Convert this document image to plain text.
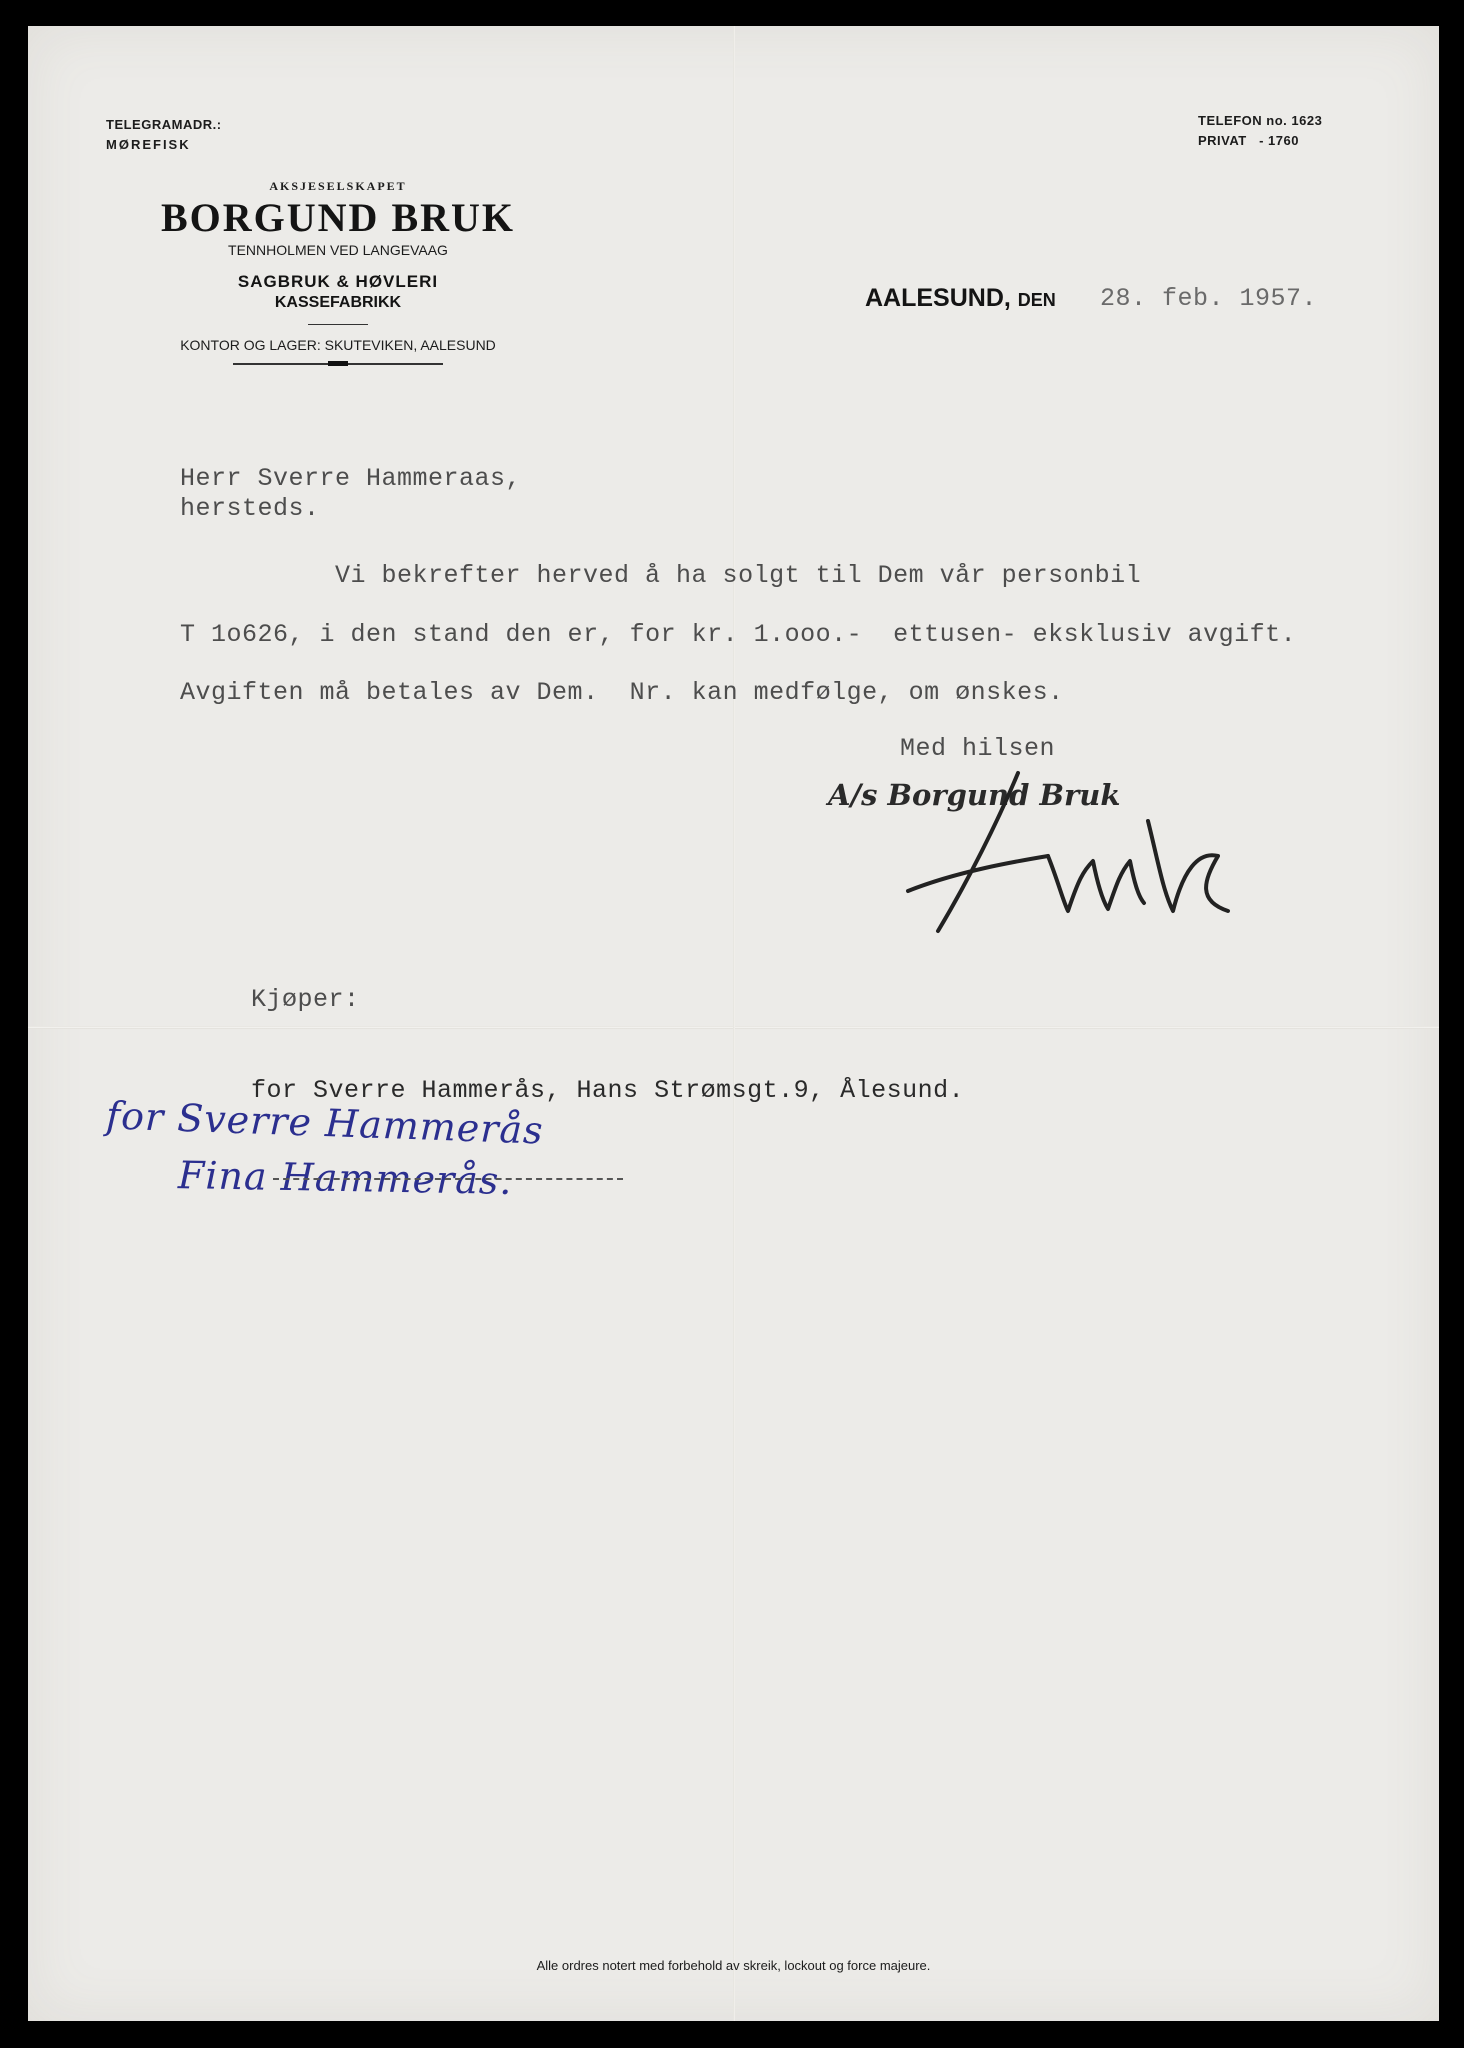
TELEGRAMADR.:
MØREFISK
TELEFON no. 1623
PRIVAT   - 1760
AKSJESELSKAPET
BORGUND BRUK
TENNHOLMEN VED LANGEVAAG
SAGBRUK & HØVLERI
KASSEFABRIKK
KONTOR OG LAGER: SKUTEVIKEN, AALESUND
AALESUND, DEN 28. feb. 1957.
Herr Sverre Hammeraas,
hersteds.
Vi bekrefter herved å ha solgt til Dem vår personbil
T 1o626, i den stand den er, for kr. 1.ooo.-  ettusen- eksklusiv avgift.
Avgiften må betales av Dem.  Nr. kan medfølge, om ønskes.
Med hilsen
A/s Borgund Bruk
Kjøper:
for Sverre Hammerås, Hans Strømsgt.9, Ålesund.
for Sverre Hammerås
Fina Hammerås.
Alle ordres notert med forbehold av skreik, lockout og force majeure.
